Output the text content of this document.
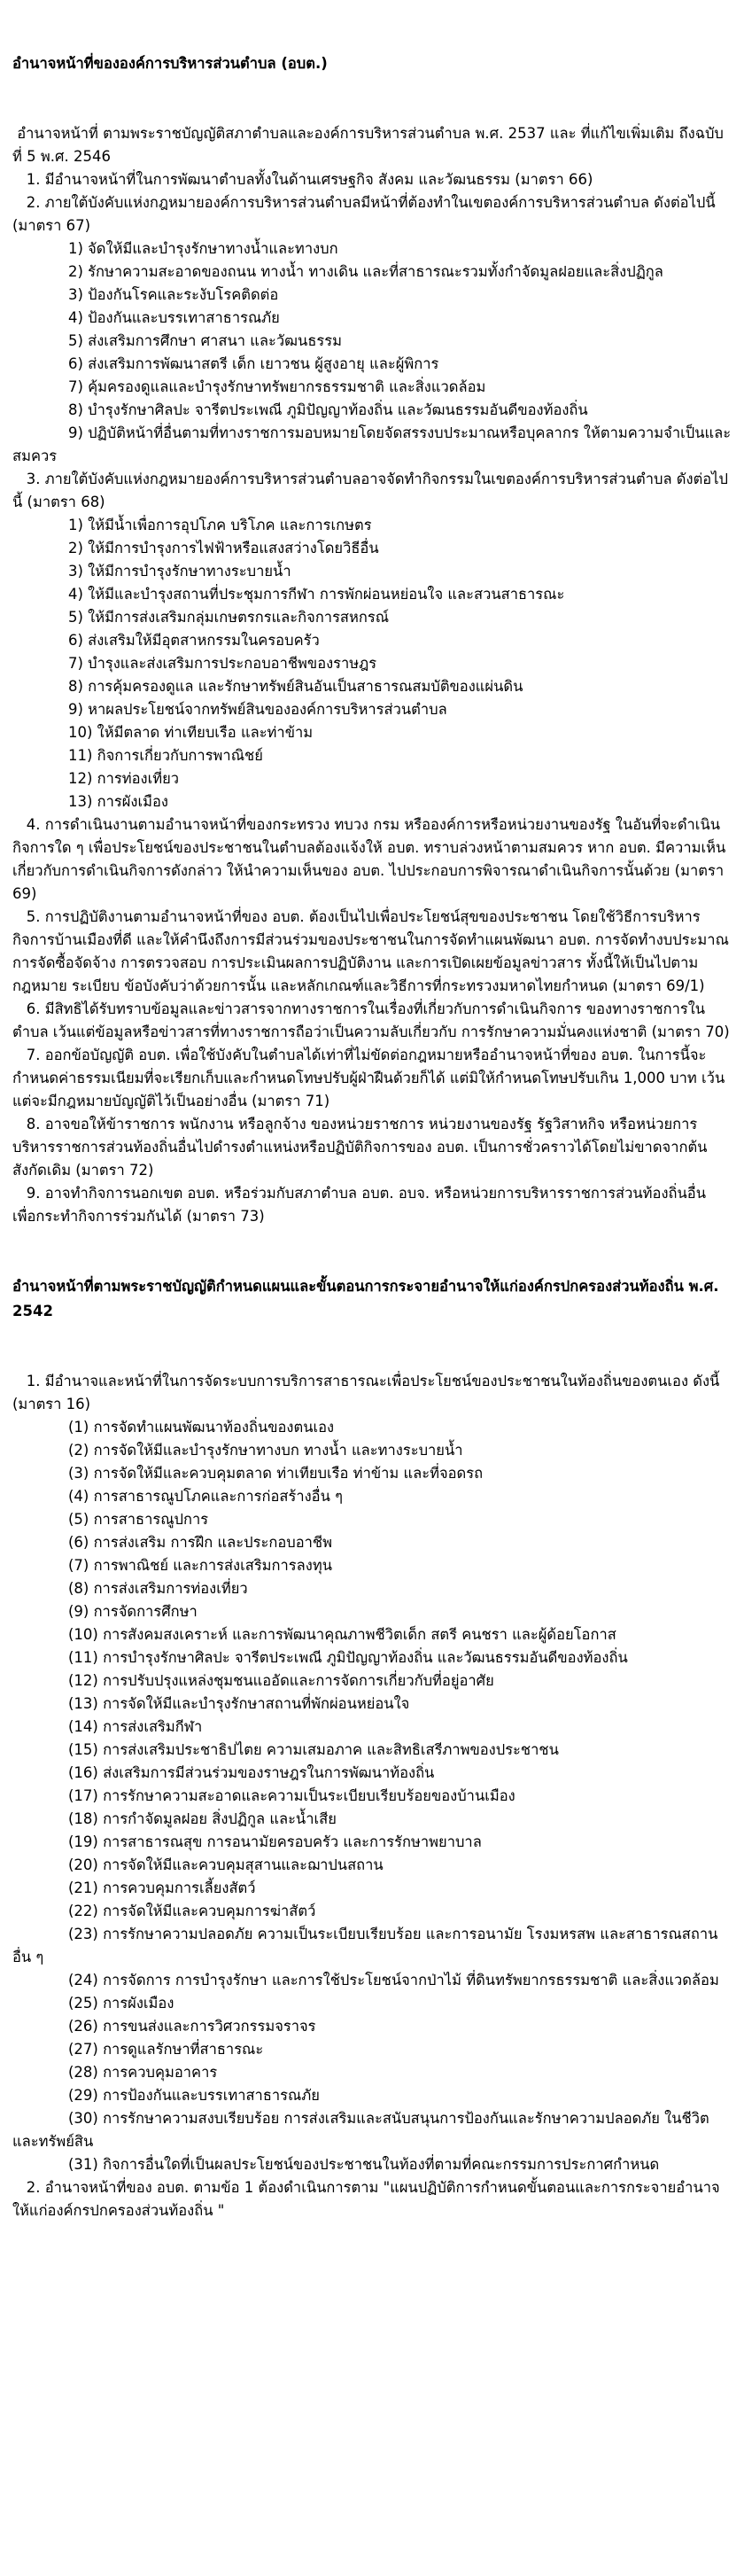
อำนาจหน้าที่ขององค์การบริหารส่วนตำบล (อบต.)

อำนาจหน้าที่ ตามพระราชบัญญัติสภาตำบลและองค์การบริหารส่วนตำบล พ.ศ. 2537 และ ที่แก้ไขเพิ่มเติม ถึงฉบับที่ 5 พ.ศ. 2546

1. มีอำนาจหน้าที่ในการพัฒนาตำบลทั้งในด้านเศรษฐกิจ สังคม และวัฒนธรรม (มาตรา 66)

2. ภายใต้บังคับแห่งกฎหมายองค์การบริหารส่วนตำบลมีหน้าที่ต้องทำในเขตองค์การบริหารส่วนตำบล ดังต่อไปนี้ (มาตรา 67)

1) จัดให้มีและบำรุงรักษาทางน้ำและทางบก

2) รักษาความสะอาดของถนน ทางน้ำ ทางเดิน และที่สาธารณะรวมทั้งกำจัดมูลฝอยและสิ่งปฏิกูล

3) ป้องกันโรคและระงับโรคติดต่อ

4) ป้องกันและบรรเทาสาธารณภัย

5) ส่งเสริมการศึกษา ศาสนา และวัฒนธรรม

6) ส่งเสริมการพัฒนาสตรี เด็ก เยาวชน ผู้สูงอายุ และผู้พิการ

7) คุ้มครองดูแลและบำรุงรักษาทรัพยากรธรรมชาติ และสิ่งแวดล้อม

8) บำรุงรักษาศิลปะ จารีตประเพณี ภูมิปัญญาท้องถิ่น และวัฒนธรรมอันดีของท้องถิ่น

9) ปฏิบัติหน้าที่อื่นตามที่ทางราชการมอบหมายโดยจัดสรรงบประมาณหรือบุคลากร ให้ตามความจำเป็นและสมควร

3. ภายใต้บังคับแห่งกฎหมายองค์การบริหารส่วนตำบลอาจจัดทำกิจกรรมในเขตองค์การบริหารส่วนตำบล ดังต่อไปนี้ (มาตรา 68)

1) ให้มีน้ำเพื่อการอุปโภค บริโภค และการเกษตร

2) ให้มีการบำรุงการไฟฟ้าหรือแสงสว่างโดยวิธีอื่น

3) ให้มีการบำรุงรักษาทางระบายน้ำ

4) ให้มีและบำรุงสถานที่ประชุมการกีฬา การพักผ่อนหย่อนใจ และสวนสาธารณะ

5) ให้มีการส่งเสริมกลุ่มเกษตรกรและกิจการสหกรณ์

6) ส่งเสริมให้มีอุตสาหกรรมในครอบครัว

7) บำรุงและส่งเสริมการประกอบอาชีพของราษฎร

8) การคุ้มครองดูแล และรักษาทรัพย์สินอันเป็นสาธารณสมบัติของแผ่นดิน

9) หาผลประโยชน์จากทรัพย์สินขององค์การบริหารส่วนตำบล

10) ให้มีตลาด ท่าเทียบเรือ และท่าข้าม

11) กิจการเกี่ยวกับการพาณิชย์

12) การท่องเที่ยว

13) การผังเมือง

4. การดำเนินงานตามอำนาจหน้าที่ของกระทรวง ทบวง กรม หรือองค์การหรือหน่วยงานของรัฐ ในอันที่จะดำเนินกิจการใด ๆ เพื่อประโยชน์ของประชาชนในตำบลต้องแจ้งให้ อบต. ทราบล่วงหน้าตามสมควร หาก อบต. มีความเห็นเกี่ยวกับการดำเนินกิจการดังกล่าว ให้นำความเห็นของ อบต. ไปประกอบการพิจารณาดำเนินกิจการนั้นด้วย (มาตรา 69)

5. การปฏิบัติงานตามอำนาจหน้าที่ของ อบต. ต้องเป็นไปเพื่อประโยชน์สุขของประชาชน โดยใช้วิธีการบริหารกิจการบ้านเมืองที่ดี และให้คำนึงถึงการมีส่วนร่วมของประชาชนในการจัดทำแผนพัฒนา อบต. การจัดทำงบประมาณ การจัดซื้อจัดจ้าง การตรวจสอบ การประเมินผลการปฏิบัติงาน และการเปิดเผยข้อมูลข่าวสาร ทั้งนี้ให้เป็นไปตามกฎหมาย ระเบียบ ข้อบังคับว่าด้วยการนั้น และหลักเกณฑ์และวิธีการที่กระทรวงมหาดไทยกำหนด (มาตรา 69/1)

6. มีสิทธิได้รับทราบข้อมูลและข่าวสารจากทางราชการในเรื่องที่เกี่ยวกับการดำเนินกิจการ ของทางราชการในตำบล เว้นแต่ข้อมูลหรือข่าวสารที่ทางราชการถือว่าเป็นความลับเกี่ยวกับ การรักษาความมั่นคงแห่งชาติ (มาตรา 70)

7. ออกข้อบัญญัติ อบต. เพื่อใช้บังคับในตำบลได้เท่าที่ไม่ขัดต่อกฎหมายหรืออำนาจหน้าที่ของ อบต. ในการนี้จะกำหนดค่าธรรมเนียมที่จะเรียกเก็บและกำหนดโทษปรับผู้ฝ่าฝืนด้วยก็ได้ แต่มิให้กำหนดโทษปรับเกิน 1,000 บาท เว้นแต่จะมีกฎหมายบัญญัติไว้เป็นอย่างอื่น (มาตรา 71)

8. อาจขอให้ข้าราชการ พนักงาน หรือลูกจ้าง ของหน่วยราชการ หน่วยงานของรัฐ รัฐวิสาหกิจ หรือหน่วยการบริหารราชการส่วนท้องถิ่นอื่นไปดำรงตำแหน่งหรือปฏิบัติกิจการของ อบต. เป็นการชั่วคราวได้โดยไม่ขาดจากต้นสังกัดเดิม (มาตรา 72)

9. อาจทำกิจการนอกเขต อบต. หรือร่วมกับสภาตำบล อบต. อบจ. หรือหน่วยการบริหารราชการส่วนท้องถิ่นอื่น เพื่อกระทำกิจการร่วมกันได้ (มาตรา 73)

อำนาจหน้าที่ตามพระราชบัญญัติกำหนดแผนและขั้นตอนการกระจายอำนาจให้แก่องค์กรปกครองส่วนท้องถิ่น พ.ศ. 2542

1. มีอำนาจและหน้าที่ในการจัดระบบการบริการสาธารณะเพื่อประโยชน์ของประชาชนในท้องถิ่นของตนเอง ดังนี้ (มาตรา 16)

(1) การจัดทำแผนพัฒนาท้องถิ่นของตนเอง

(2) การจัดให้มีและบำรุงรักษาทางบก ทางน้ำ และทางระบายน้ำ

(3) การจัดให้มีและควบคุมตลาด ท่าเทียบเรือ ท่าข้าม และที่จอดรถ

(4) การสาธารณูปโภคและการก่อสร้างอื่น ๆ

(5) การสาธารณูปการ

(6) การส่งเสริม การฝึก และประกอบอาชีพ

(7) การพาณิชย์ และการส่งเสริมการลงทุน

(8) การส่งเสริมการท่องเที่ยว

(9) การจัดการศึกษา

(10) การสังคมสงเคราะห์ และการพัฒนาคุณภาพชีวิตเด็ก สตรี คนชรา และผู้ด้อยโอกาส

(11) การบำรุงรักษาศิลปะ จารีตประเพณี ภูมิปัญญาท้องถิ่น และวัฒนธรรมอันดีของท้องถิ่น

(12) การปรับปรุงแหล่งชุมชนแออัดและการจัดการเกี่ยวกับที่อยู่อาศัย

(13) การจัดให้มีและบำรุงรักษาสถานที่พักผ่อนหย่อนใจ

(14) การส่งเสริมกีฬา

(15) การส่งเสริมประชาธิปไตย ความเสมอภาค และสิทธิเสรีภาพของประชาชน

(16) ส่งเสริมการมีส่วนร่วมของราษฎรในการพัฒนาท้องถิ่น

(17) การรักษาความสะอาดและความเป็นระเบียบเรียบร้อยของบ้านเมือง

(18) การกำจัดมูลฝอย สิ่งปฏิกูล และน้ำเสีย

(19) การสาธารณสุข การอนามัยครอบครัว และการรักษาพยาบาล

(20) การจัดให้มีและควบคุมสุสานและฌาปนสถาน

(21) การควบคุมการเลี้ยงสัตว์

(22) การจัดให้มีและควบคุมการฆ่าสัตว์

(23) การรักษาความปลอดภัย ความเป็นระเบียบเรียบร้อย และการอนามัย โรงมหรสพ และสาธารณสถานอื่น ๆ

(24) การจัดการ การบำรุงรักษา และการใช้ประโยชน์จากป่าไม้ ที่ดินทรัพยากรธรรมชาติ และสิ่งแวดล้อม

(25) การผังเมือง

(26) การขนส่งและการวิศวกรรมจราจร

(27) การดูแลรักษาที่สาธารณะ

(28) การควบคุมอาคาร

(29) การป้องกันและบรรเทาสาธารณภัย

(30) การรักษาความสงบเรียบร้อย การส่งเสริมและสนับสนุนการป้องกันและรักษาความปลอดภัย ในชีวิตและทรัพย์สิน

(31) กิจการอื่นใดที่เป็นผลประโยชน์ของประชาชนในท้องที่ตามที่คณะกรรมการประกาศกำหนด

2. อำนาจหน้าที่ของ อบต. ตามข้อ 1 ต้องดำเนินการตาม "แผนปฏิบัติการกำหนดขั้นตอนและการกระจายอำนาจให้แก่องค์กรปกครองส่วนท้องถิ่น "
